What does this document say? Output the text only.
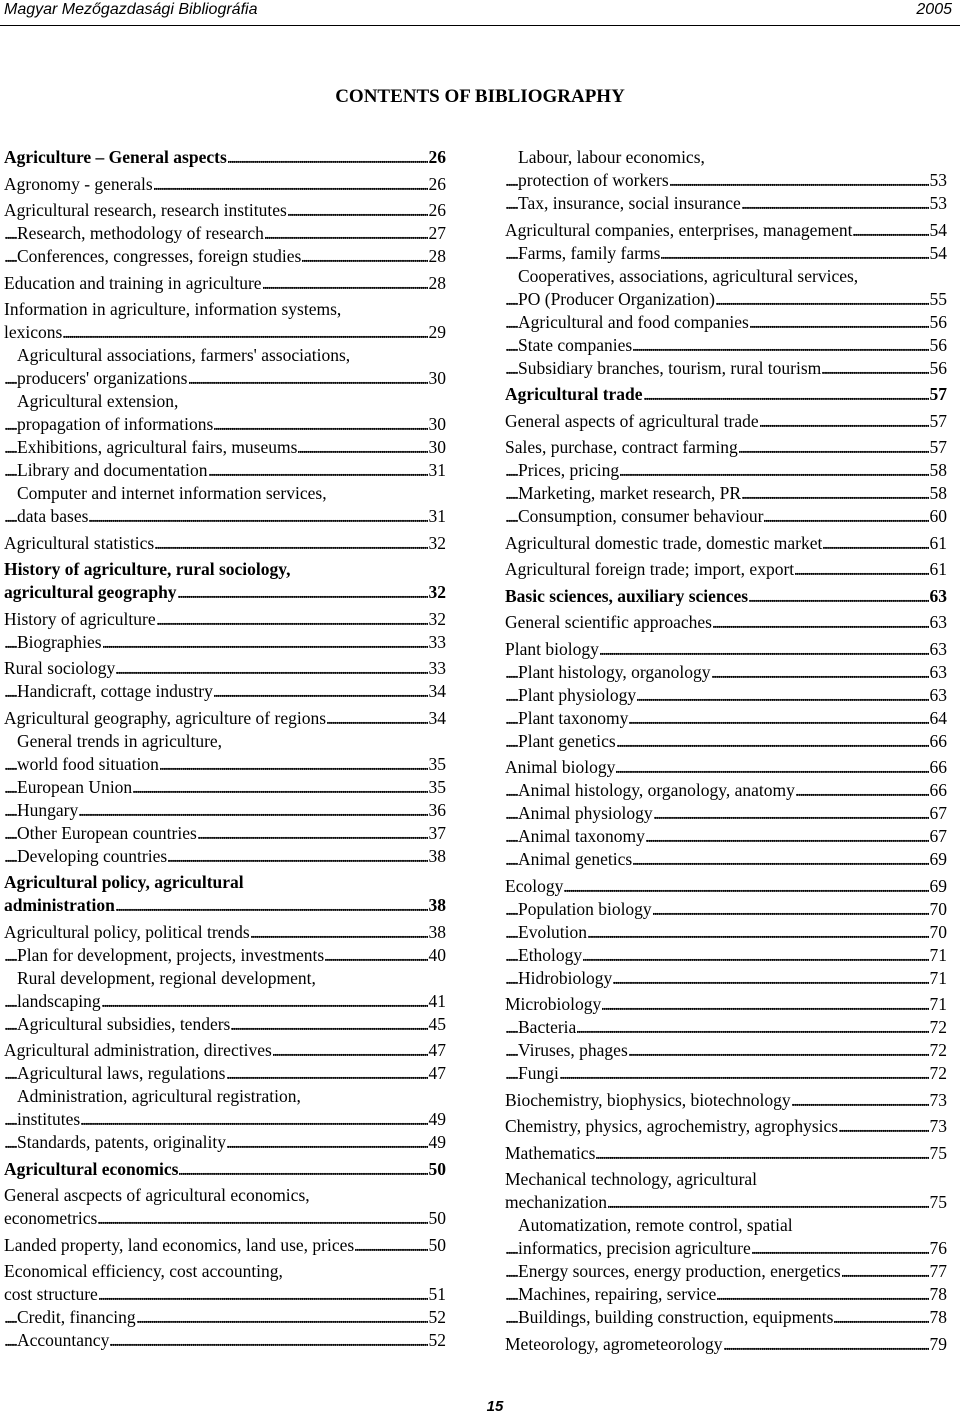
Magyar Mezőgazdasági Bibliográfia	2005
CONTENTS OF BIBLIOGRAPHY
. . .
Agriculture – General aspects	26
. . .
Agronomy - generals	26
. . .
Agricultural research, research institutes	26
. . .
Research, methodology of research	27
. . .
Conferences, congresses, foreign studies	28
. . .
Education and training in agriculture	28
Information in agriculture, information systems,
. . .
lexicons	29
Agricultural associations, farmers' associations,
. . .
producers' organizations	30
Agricultural extension,
. . .
propagation of informations	30
. . .
Exhibitions, agricultural fairs, museums	30
. . .
Library and documentation	31
Computer and internet information services,
. . .
data bases	31
. . .
Agricultural statistics	32
History of agriculture, rural sociology,
. . .
agricultural geography	32
. . .
History of agriculture	32
. . .
Biographies	33
. . .
Rural sociology	33
. . .
Handicraft, cottage industry	34
. . .
Agricultural geography, agriculture of regions	34
General trends in agriculture,
. . .
world food situation	35
. . .
European Union	35
. . .
Hungary	36
. . .
Other European countries	37
. . .
Developing countries	38
Agricultural policy, agricultural
. . .
administration	38
. . .
Agricultural policy, political trends	38
. . .
Plan for development, projects, investments	40
Rural development, regional development,
. . .
landscaping	41
. . .
Agricultural subsidies, tenders	45
. . .
Agricultural administration, directives	47
. . .
Agricultural laws, regulations	47
Administration, agricultural registration,
. . .
institutes	49
. . .
Standards, patents, originality	49
. . .
Agricultural economics	50
General ascpects of agricultural economics,
. . .
econometrics	50
. . .
Landed property, land economics, land use, prices	50
Economical efficiency, cost accounting,
. . .
cost structure	51
. . .
Credit, financing	52
. . .
Accountancy	52
Labour, labour economics,
. . .
protection of workers	53
. . .
Tax, insurance, social insurance	53
. . .
Agricultural companies, enterprises, management	54
. . .
Farms, family farms	54
Cooperatives, associations, agricultural services,
. . .
PO (Producer Organization)	55
. . .
Agricultural and food companies	56
. . .
State companies	56
. . .
Subsidiary branches, tourism, rural tourism	56
. . .
Agricultural trade	57
. . .
General aspects of agricultural trade	57
. . .
Sales, purchase, contract farming	57
. . .
Prices, pricing	58
. . .
Marketing, market research, PR	58
. . .
Consumption, consumer behaviour	60
. . .
Agricultural domestic trade, domestic market	61
. . .
Agricultural foreign trade; import, export	61
. . .
Basic sciences, auxiliary sciences	63
. . .
General scientific approaches	63
. . .
Plant biology	63
. . .
Plant histology, organology	63
. . .
Plant physiology	63
. . .
Plant taxonomy	64
. . .
Plant genetics	66
. . .
Animal biology	66
. . .
Animal histology, organology, anatomy	66
. . .
Animal physiology	67
. . .
Animal taxonomy	67
. . .
Animal genetics	69
. . .
Ecology	69
. . .
Population biology	70
. . .
Evolution	70
. . .
Ethology	71
. . .
Hidrobiology	71
. . .
Microbiology	71
. . .
Bacteria	72
. . .
Viruses, phages	72
. . .
Fungi	72
. . .
Biochemistry, biophysics, biotechnology	73
. . .
Chemistry, physics, agrochemistry, agrophysics	73
. . .
Mathematics	75
Mechanical technology, agricultural
. . .
mechanization	75
Automatization, remote control, spatial
. . .
informatics, precision agriculture	76
. . .
Energy sources, energy production, energetics	77
. . .
Machines, repairing, service	78
. . .
Buildings, building construction, equipments	78
. . .
Meteorology, agrometeorology	79
15
